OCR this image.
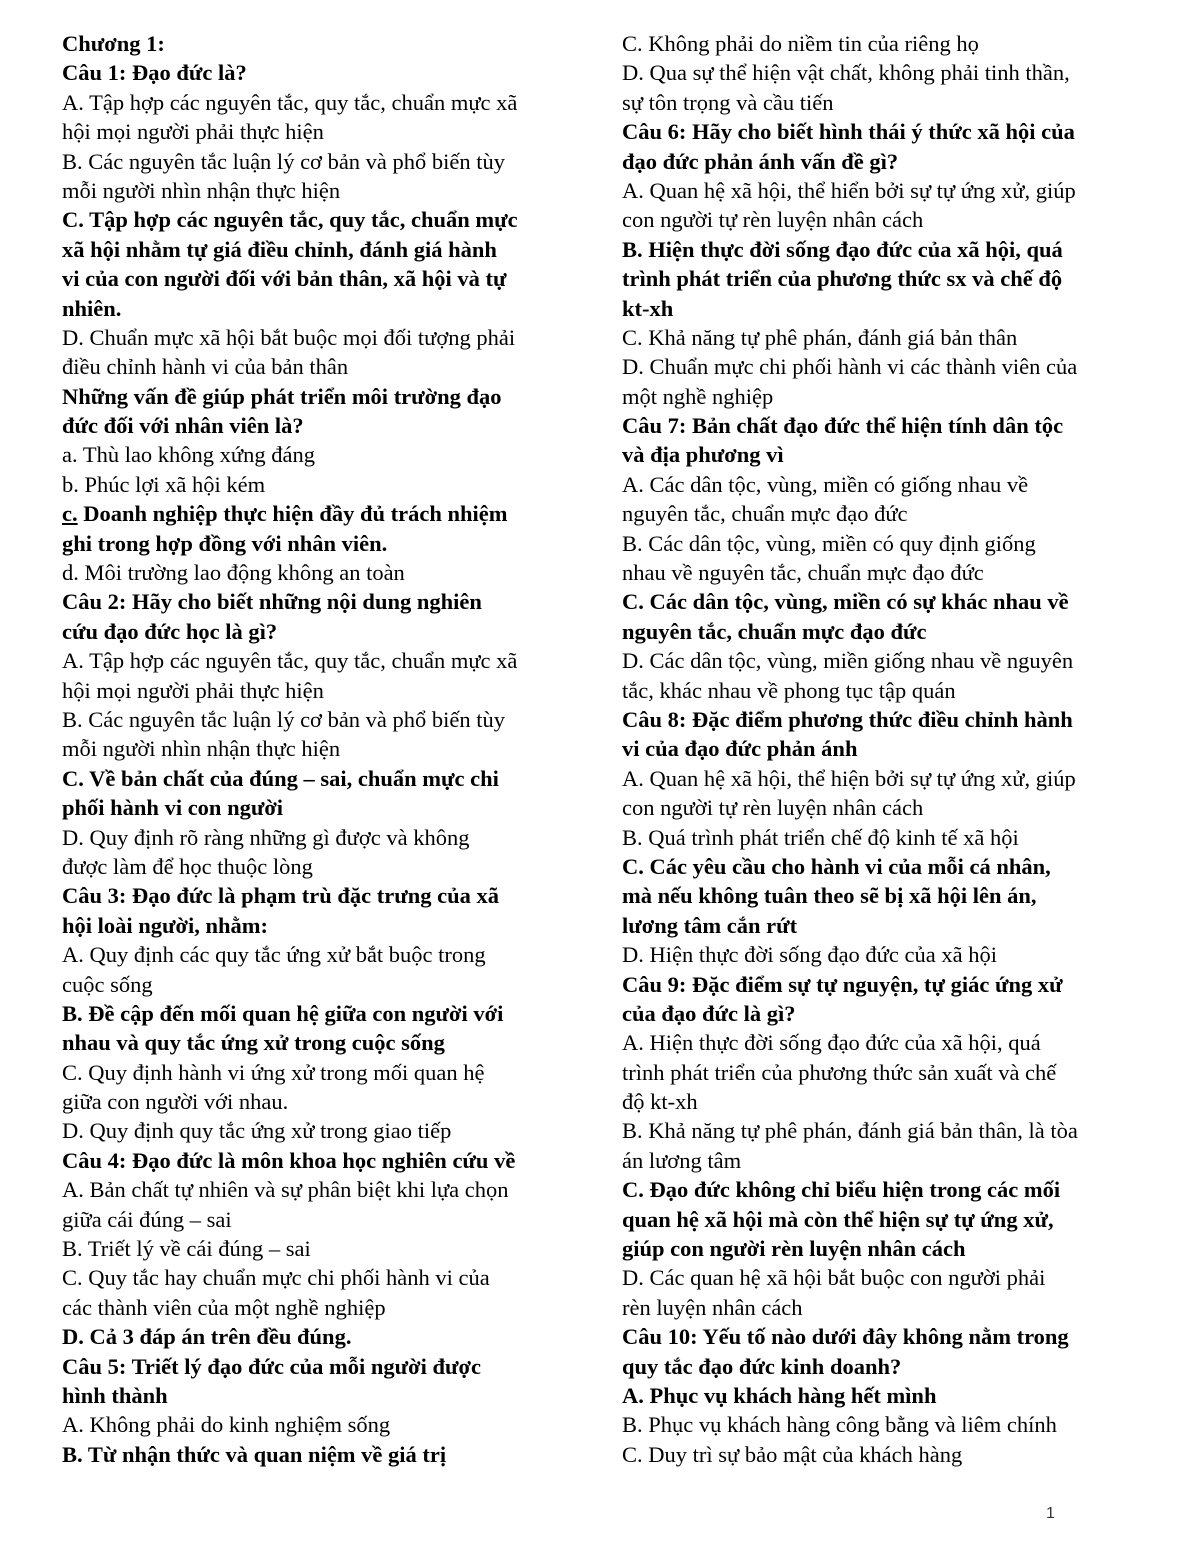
Chương 1:
Câu 1: Đạo đức là?
A. Tập hợp các nguyên tắc, quy tắc, chuẩn mực xã
hội mọi người phải thực hiện
B. Các nguyên tắc luận lý cơ bản và phổ biến tùy
mỗi người nhìn nhận thực hiện
C. Tập hợp các nguyên tắc, quy tắc, chuẩn mực
xã hội nhằm tự giá điều chỉnh, đánh giá hành
vi của con người đối với bản thân, xã hội và tự
nhiên.
D. Chuẩn mực xã hội bắt buộc mọi đối tượng phải
điều chỉnh hành vi của bản thân
Những vấn đề giúp phát triển môi trường đạo
đức đối với nhân viên là?
a. Thù lao không xứng đáng
b. Phúc lợi xã hội kém
c. Doanh nghiệp thực hiện đầy đủ trách nhiệm
ghi trong hợp đồng với nhân viên.
d. Môi trường lao động không an toàn
Câu 2: Hãy cho biết những nội dung nghiên
cứu đạo đức học là gì?
A. Tập hợp các nguyên tắc, quy tắc, chuẩn mực xã
hội mọi người phải thực hiện
B. Các nguyên tắc luận lý cơ bản và phổ biến tùy
mỗi người nhìn nhận thực hiện
C. Về bản chất của đúng – sai, chuẩn mực chi
phối hành vi con người
D. Quy định rõ ràng những gì được và không
được làm để học thuộc lòng
Câu 3: Đạo đức là phạm trù đặc trưng của xã
hội loài người, nhằm:
A. Quy định các quy tắc ứng xử bắt buộc trong
cuộc sống
B. Đề cập đến mối quan hệ giữa con người với
nhau và quy tắc ứng xử trong cuộc sống
C. Quy định hành vi ứng xử trong mối quan hệ
giữa con người với nhau.
D. Quy định quy tắc ứng xử trong giao tiếp
Câu 4: Đạo đức là môn khoa học nghiên cứu về
A. Bản chất tự nhiên và sự phân biệt khi lựa chọn
giữa cái đúng – sai
B. Triết lý về cái đúng – sai
C. Quy tắc hay chuẩn mực chi phối hành vi của
các thành viên của một nghề nghiệp
D. Cả 3 đáp án trên đều đúng.
Câu 5: Triết lý đạo đức của mỗi người được
hình thành
A. Không phải do kinh nghiệm sống
B. Từ nhận thức và quan niệm về giá trị
C. Không phải do niềm tin của riêng họ
D. Qua sự thể hiện vật chất, không phải tinh thần,
sự tôn trọng và cầu tiến
Câu 6: Hãy cho biết hình thái ý thức xã hội của
đạo đức phản ánh vấn đề gì?
A. Quan hệ xã hội, thể hiển bởi sự tự ứng xử, giúp
con người tự rèn luyện nhân cách
B. Hiện thực đời sống đạo đức của xã hội, quá
trình phát triển của phương thức sx và chế độ
kt-xh
C. Khả năng tự phê phán, đánh giá bản thân
D. Chuẩn mực chi phối hành vi các thành viên của
một nghề nghiệp
Câu 7: Bản chất đạo đức thể hiện tính dân tộc
và địa phương vì
A. Các dân tộc, vùng, miền có giống nhau về
nguyên tắc, chuẩn mực đạo đức
B. Các dân tộc, vùng, miền có quy định giống
nhau về nguyên tắc, chuẩn mực đạo đức
C. Các dân tộc, vùng, miền có sự khác nhau về
nguyên tắc, chuẩn mực đạo đức
D. Các dân tộc, vùng, miền giống nhau về nguyên
tắc, khác nhau về phong tục tập quán
Câu 8: Đặc điểm phương thức điều chỉnh hành
vi của đạo đức phản ánh
A. Quan hệ xã hội, thể hiện bởi sự tự ứng xử, giúp
con người tự rèn luyện nhân cách
B. Quá trình phát triển chế độ kinh tế xã hội
C. Các yêu cầu cho hành vi của mỗi cá nhân,
mà nếu không tuân theo sẽ bị xã hội lên án,
lương tâm cắn rứt
D. Hiện thực đời sống đạo đức của xã hội
Câu 9: Đặc điểm sự tự nguyện, tự giác ứng xử
của đạo đức là gì?
A. Hiện thực đời sống đạo đức của xã hội, quá
trình phát triển của phương thức sản xuất và chế
độ kt-xh
B. Khả năng tự phê phán, đánh giá bản thân, là tòa
án lương tâm
C. Đạo đức không chỉ biểu hiện trong các mối
quan hệ xã hội mà còn thể hiện sự tự ứng xử,
giúp con người rèn luyện nhân cách
D. Các quan hệ xã hội bắt buộc con người phải
rèn luyện nhân cách
Câu 10: Yếu tố nào dưới đây không nằm trong
quy tắc đạo đức kinh doanh?
A. Phục vụ khách hàng hết mình
B. Phục vụ khách hàng công bằng và liêm chính
C. Duy trì sự bảo mật của khách hàng
1
